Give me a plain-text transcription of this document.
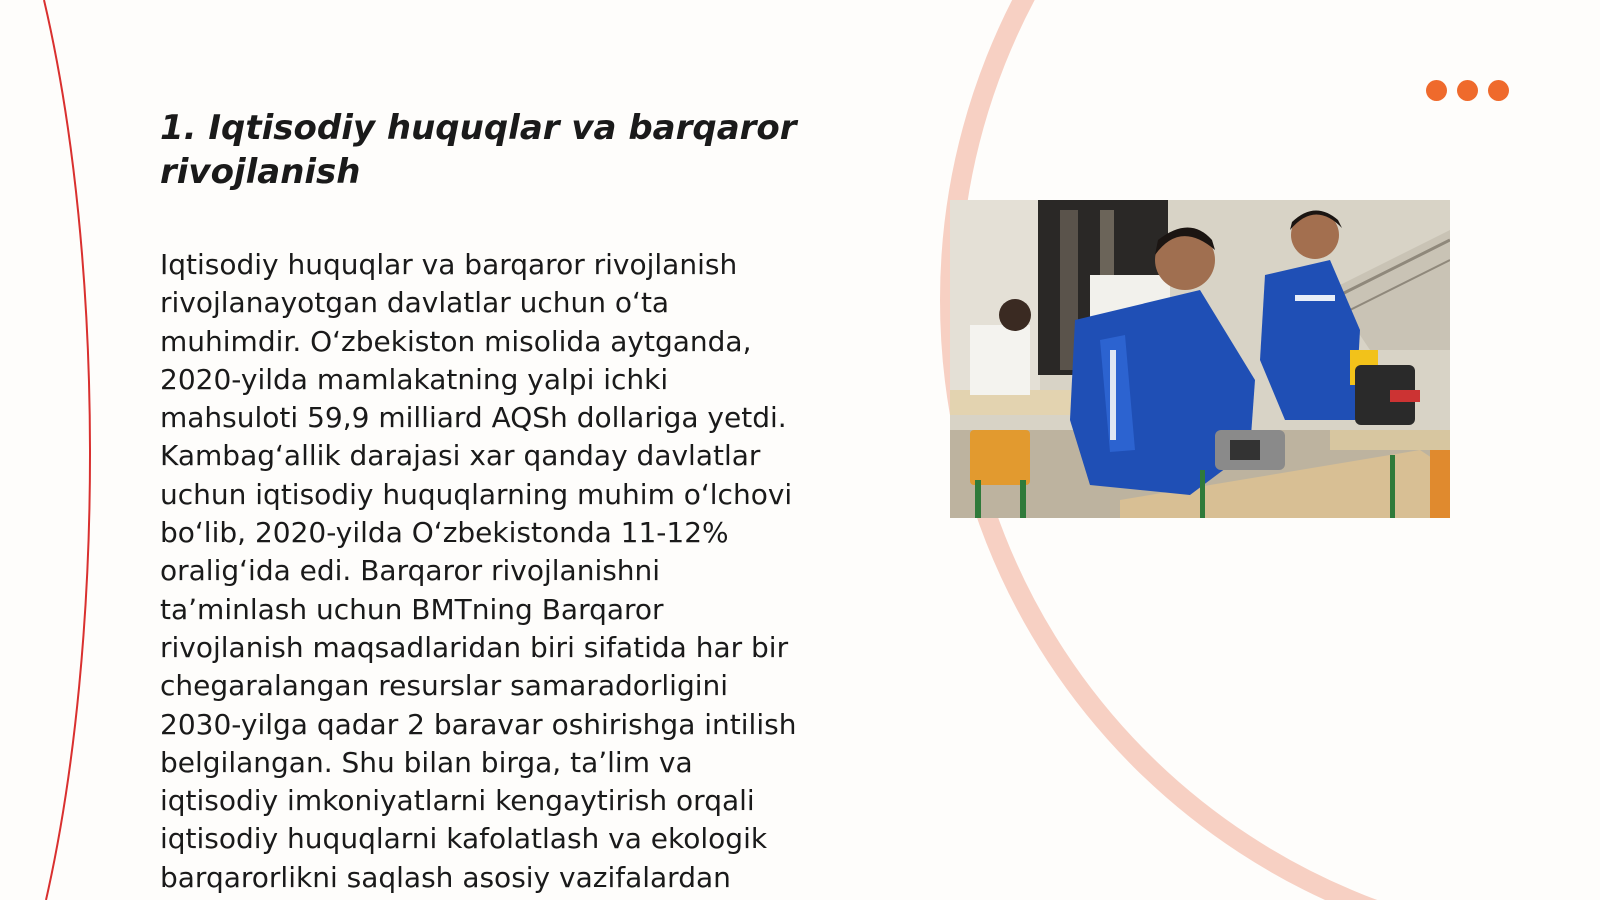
1. Iqtisodiy huquqlar va barqaror
rivojlanish
Iqtisodiy huquqlar va barqaror rivojlanish
rivojlanayotgan davlatlar uchun oʻta
muhimdir. Oʻzbekiston misolida aytganda,
2020-yilda mamlakatning yalpi ichki
mahsuloti 59,9 milliard AQSh dollariga yetdi.
Kambagʻallik darajasi xar qanday davlatlar
uchun iqtisodiy huquqlarning muhim oʻlchovi
boʻlib, 2020-yilda Oʻzbekistonda 11-12%
oraligʻida edi. Barqaror rivojlanishni
taʼminlash uchun BMTning Barqaror
rivojlanish maqsadlaridan biri sifatida har bir
chegaralangan resurslar samaradorligini
2030-yilga qadar 2 baravar oshirishga intilish
belgilangan. Shu bilan birga, taʼlim va
iqtisodiy imkoniyatlarni kengaytirish orqali
iqtisodiy huquqlarni kafolatlash va ekologik
barqarorlikni saqlash asosiy vazifalardan
